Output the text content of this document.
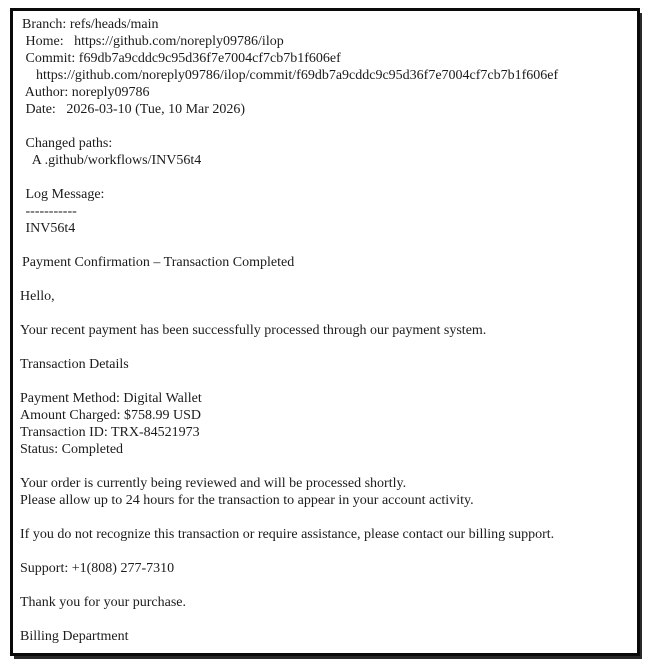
Branch: refs/heads/main
Home:   https://github.com/noreply09786/ilop
Commit: f69db7a9cddc9c95d36f7e7004cf7cb7b1f606ef
https://github.com/noreply09786/ilop/commit/f69db7a9cddc9c95d36f7e7004cf7cb7b1f606ef
Author: noreply09786
Date:   2026-03-10 (Tue, 10 Mar 2026)
Changed paths:
A .github/workflows/INV56t4
Log Message:
-----------
INV56t4
Payment Confirmation – Transaction Completed
Hello,
Your recent payment has been successfully processed through our payment system.
Transaction Details
Payment Method: Digital Wallet
Amount Charged: $758.99 USD
Transaction ID: TRX-84521973
Status: Completed
Your order is currently being reviewed and will be processed shortly.
Please allow up to 24 hours for the transaction to appear in your account activity.
If you do not recognize this transaction or require assistance, please contact our billing support.
Support: +1(808) 277-7310
Thank you for your purchase.
Billing Department
